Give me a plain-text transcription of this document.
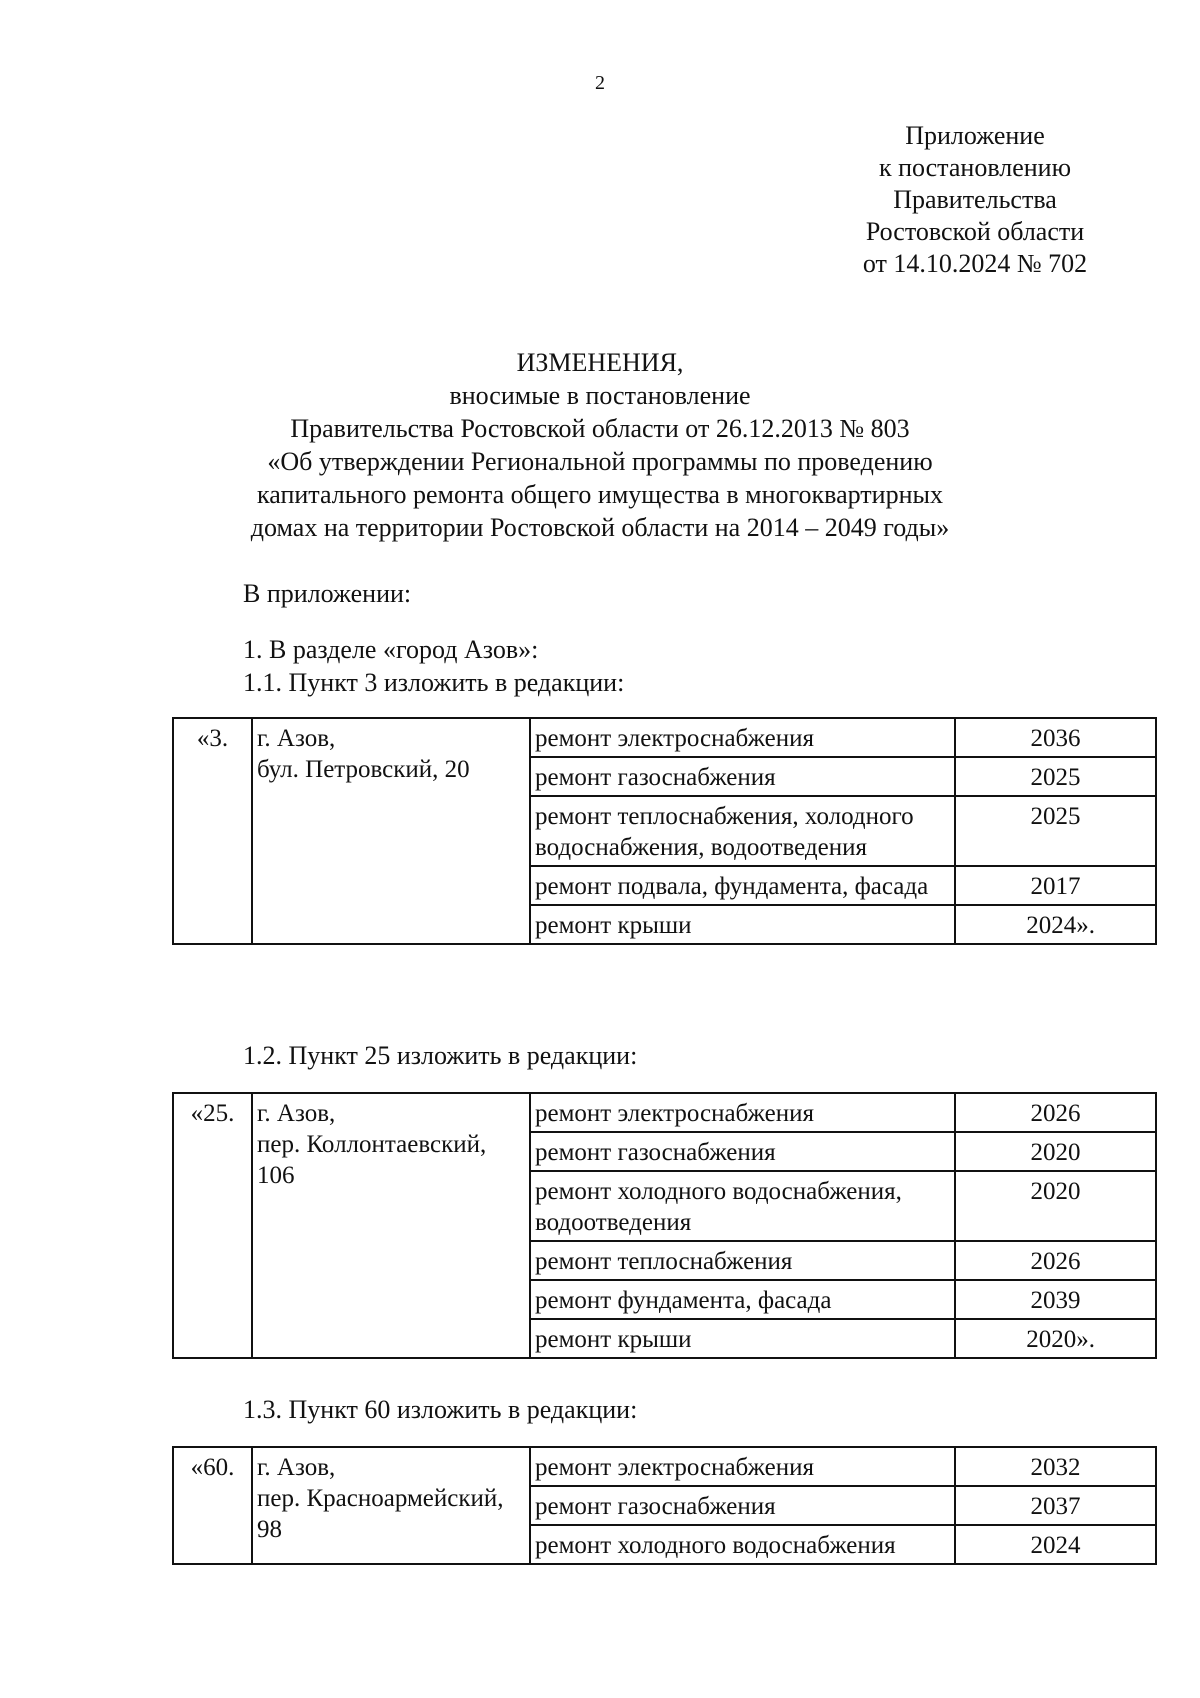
2
Приложение
к постановлению
Правительства
Ростовской области
от 14.10.2024 № 702
ИЗМЕНЕНИЯ,
вносимые в постановление
Правительства Ростовской области от 26.12.2013 № 803
«Об утверждении Региональной программы по проведению
капитального ремонта общего имущества в многоквартирных
домах на территории Ростовской области на 2014 – 2049 годы»
В приложении:
1. В разделе «город Азов»:
1.1. Пункт 3 изложить в редакции:
«3.	г. Азов,
бул. Петровский, 20	ремонт электроснабжения	2036
		ремонт газоснабжения	2025
		ремонт теплоснабжения, холодного водоснабжения, водоотведения	2025
		ремонт подвала, фундамента, фасада	2017
		ремонт крыши	2024».
1.2. Пункт 25 изложить в редакции:
«25.	г. Азов,
пер. Коллонтаевский,
106	ремонт электроснабжения	2026
		ремонт газоснабжения	2020
		ремонт холодного водоснабжения, водоотведения	2020
		ремонт теплоснабжения	2026
		ремонт фундамента, фасада	2039
		ремонт крыши	2020».
1.3. Пункт 60 изложить в редакции:
«60.	г. Азов,
пер. Красноармейский,
98	ремонт электроснабжения	2032
		ремонт газоснабжения	2037
		ремонт холодного водоснабжения	2024
